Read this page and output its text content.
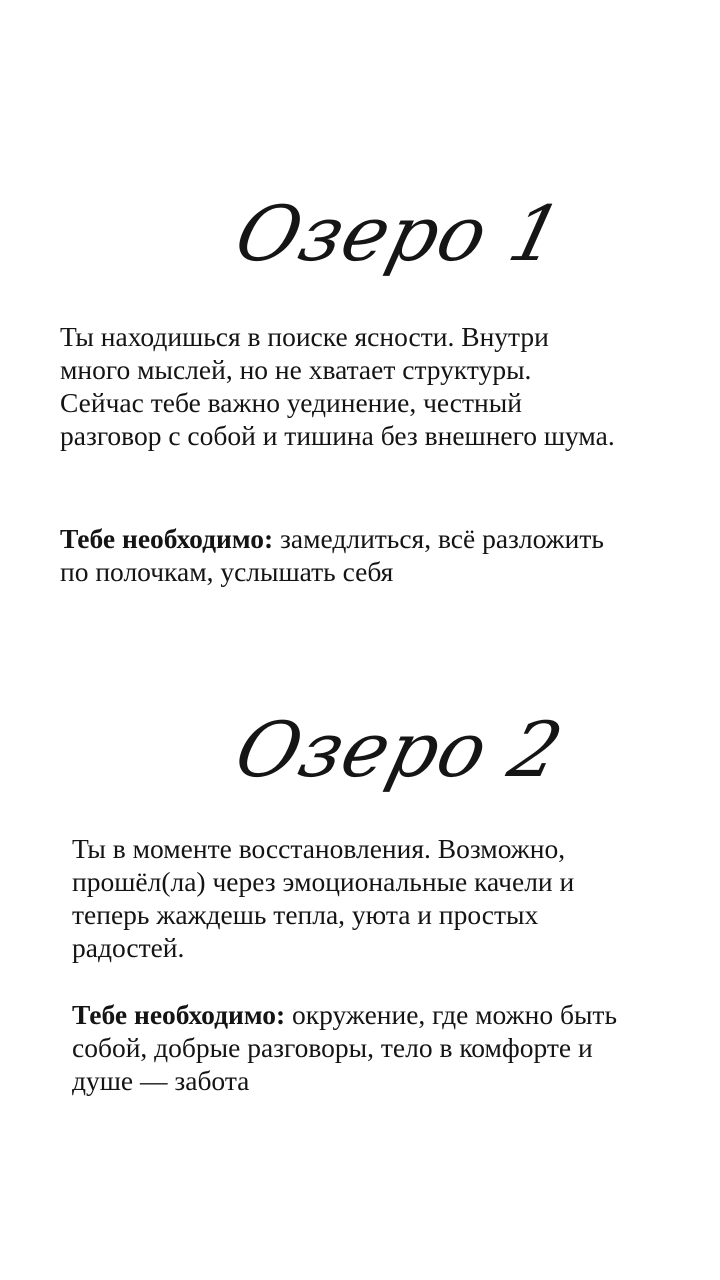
Озеро 1

Ты находишься в поиске ясности. Внутри много мыслей, но не хватает структуры. Сейчас тебе важно уединение, честный разговор с собой и тишина без внешнего шума.

Тебе необходимо: замедлиться, всё разложить по полочкам, услышать себя

Озеро 2

Ты в моменте восстановления. Возможно, прошёл(ла) через эмоциональные качели и теперь жаждешь тепла, уюта и простых радостей.

Тебе необходимо: окружение, где можно быть собой, добрые разговоры, тело в комфорте и душе — забота
